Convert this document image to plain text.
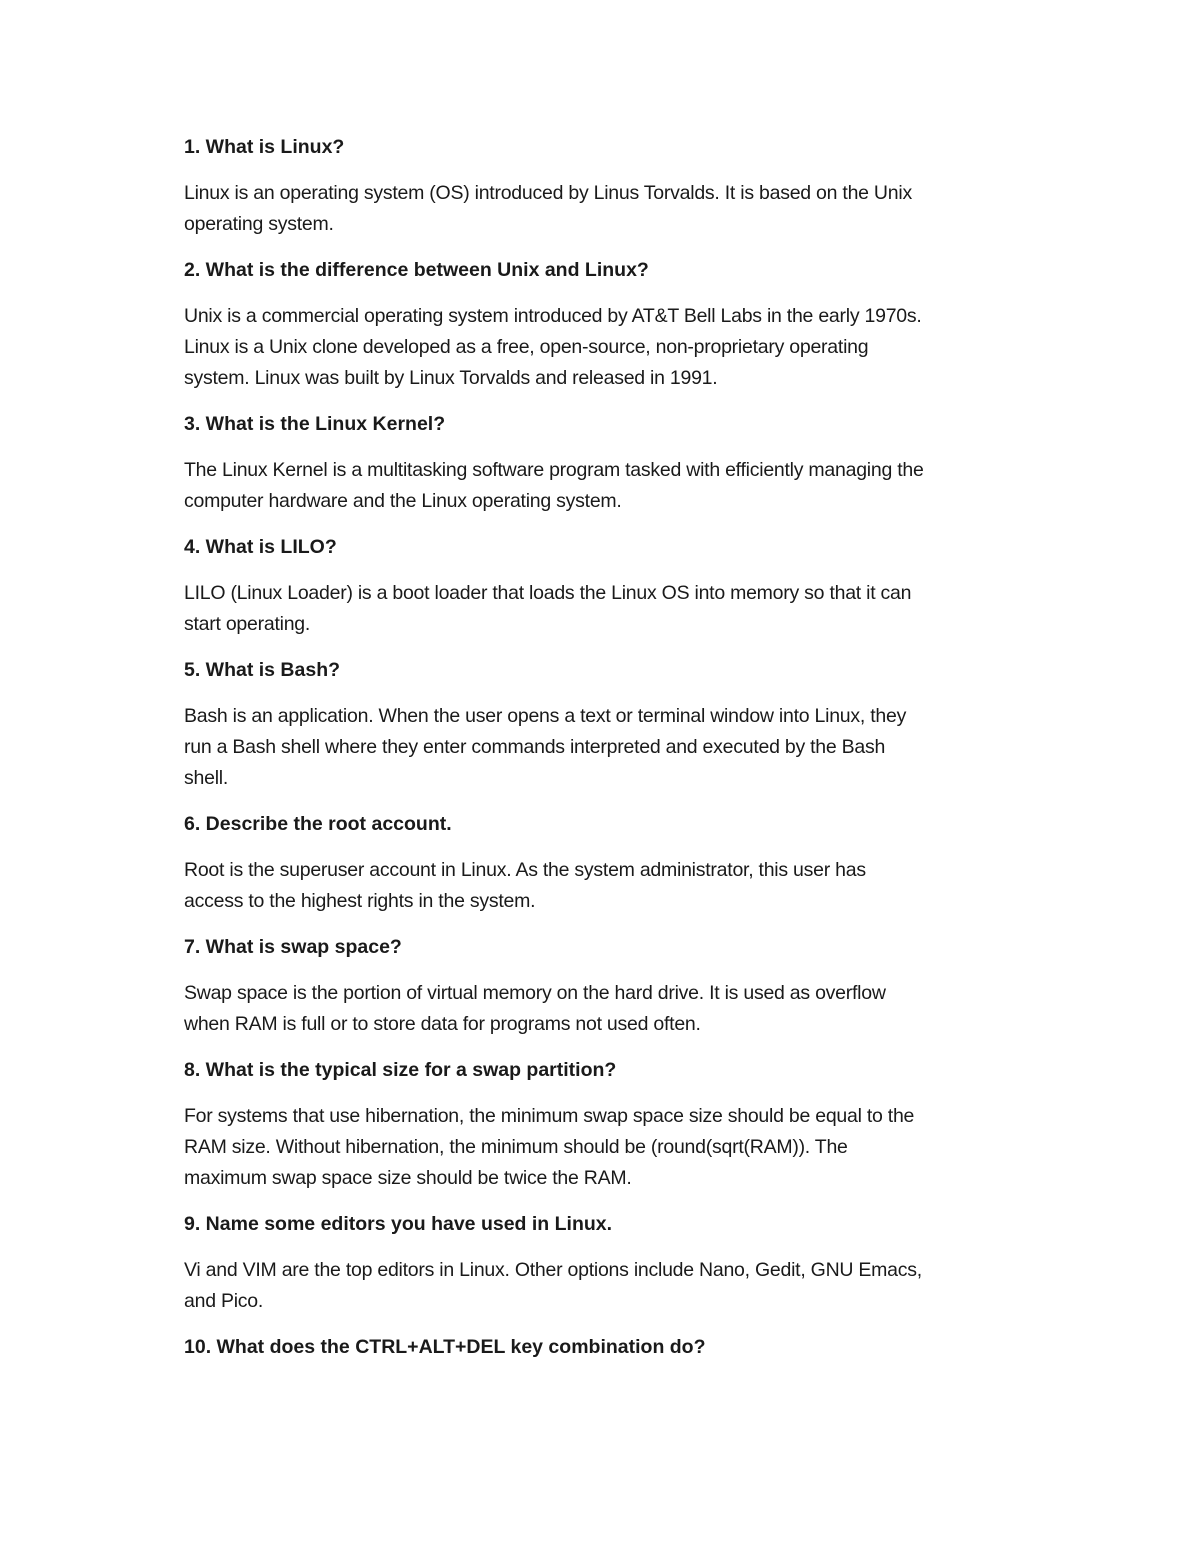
1. What is Linux?

Linux is an operating system (OS) introduced by Linus Torvalds. It is based on the Unix
operating system.

2. What is the difference between Unix and Linux?

Unix is a commercial operating system introduced by AT&T Bell Labs in the early 1970s.
Linux is a Unix clone developed as a free, open-source, non-proprietary operating
system. Linux was built by Linux Torvalds and released in 1991.

3. What is the Linux Kernel?

The Linux Kernel is a multitasking software program tasked with efficiently managing the
computer hardware and the Linux operating system.

4. What is LILO?

LILO (Linux Loader) is a boot loader that loads the Linux OS into memory so that it can
start operating.

5. What is Bash?

Bash is an application. When the user opens a text or terminal window into Linux, they
run a Bash shell where they enter commands interpreted and executed by the Bash
shell.

6. Describe the root account.

Root is the superuser account in Linux. As the system administrator, this user has
access to the highest rights in the system.

7. What is swap space?

Swap space is the portion of virtual memory on the hard drive. It is used as overflow
when RAM is full or to store data for programs not used often.

8. What is the typical size for a swap partition?

For systems that use hibernation, the minimum swap space size should be equal to the
RAM size. Without hibernation, the minimum should be (round(sqrt(RAM)). The
maximum swap space size should be twice the RAM.

9. Name some editors you have used in Linux.

Vi and VIM are the top editors in Linux. Other options include Nano, Gedit, GNU Emacs,
and Pico.

10. What does the CTRL+ALT+DEL key combination do?
